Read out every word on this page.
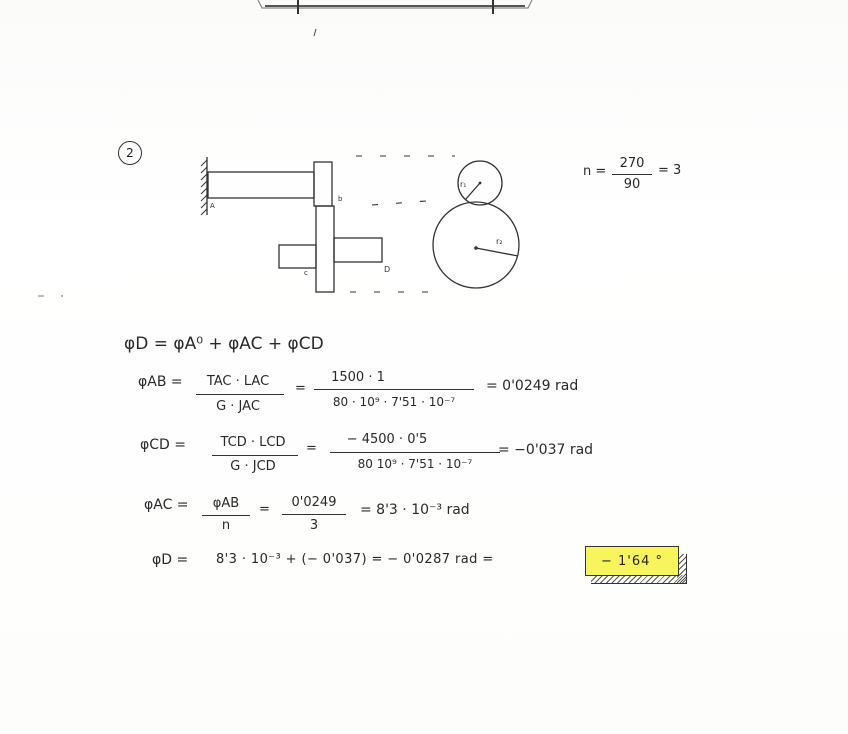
2
A
b
c	D
r₁
r₂
n =
270
90
= 3
φD = φA⁰ + φAC + φCD
φAB =	TAC · LAC
G · JAC
=
1500 · 1
80 · 10⁹ · 7'51 · 10⁻⁷
= 0'0249 rad
φCD =	TCD · LCD
G · JCD
=
− 4500 · 0'5
80 10⁹ · 7'51 · 10⁻⁷
= −0'037 rad
φAC =	φAB
n
=	0'0249
3
= 8'3 · 10⁻³ rad
φD = 8'3 · 10⁻³ + (− 0'037) = − 0'0287 rad =	− 1'64 °
